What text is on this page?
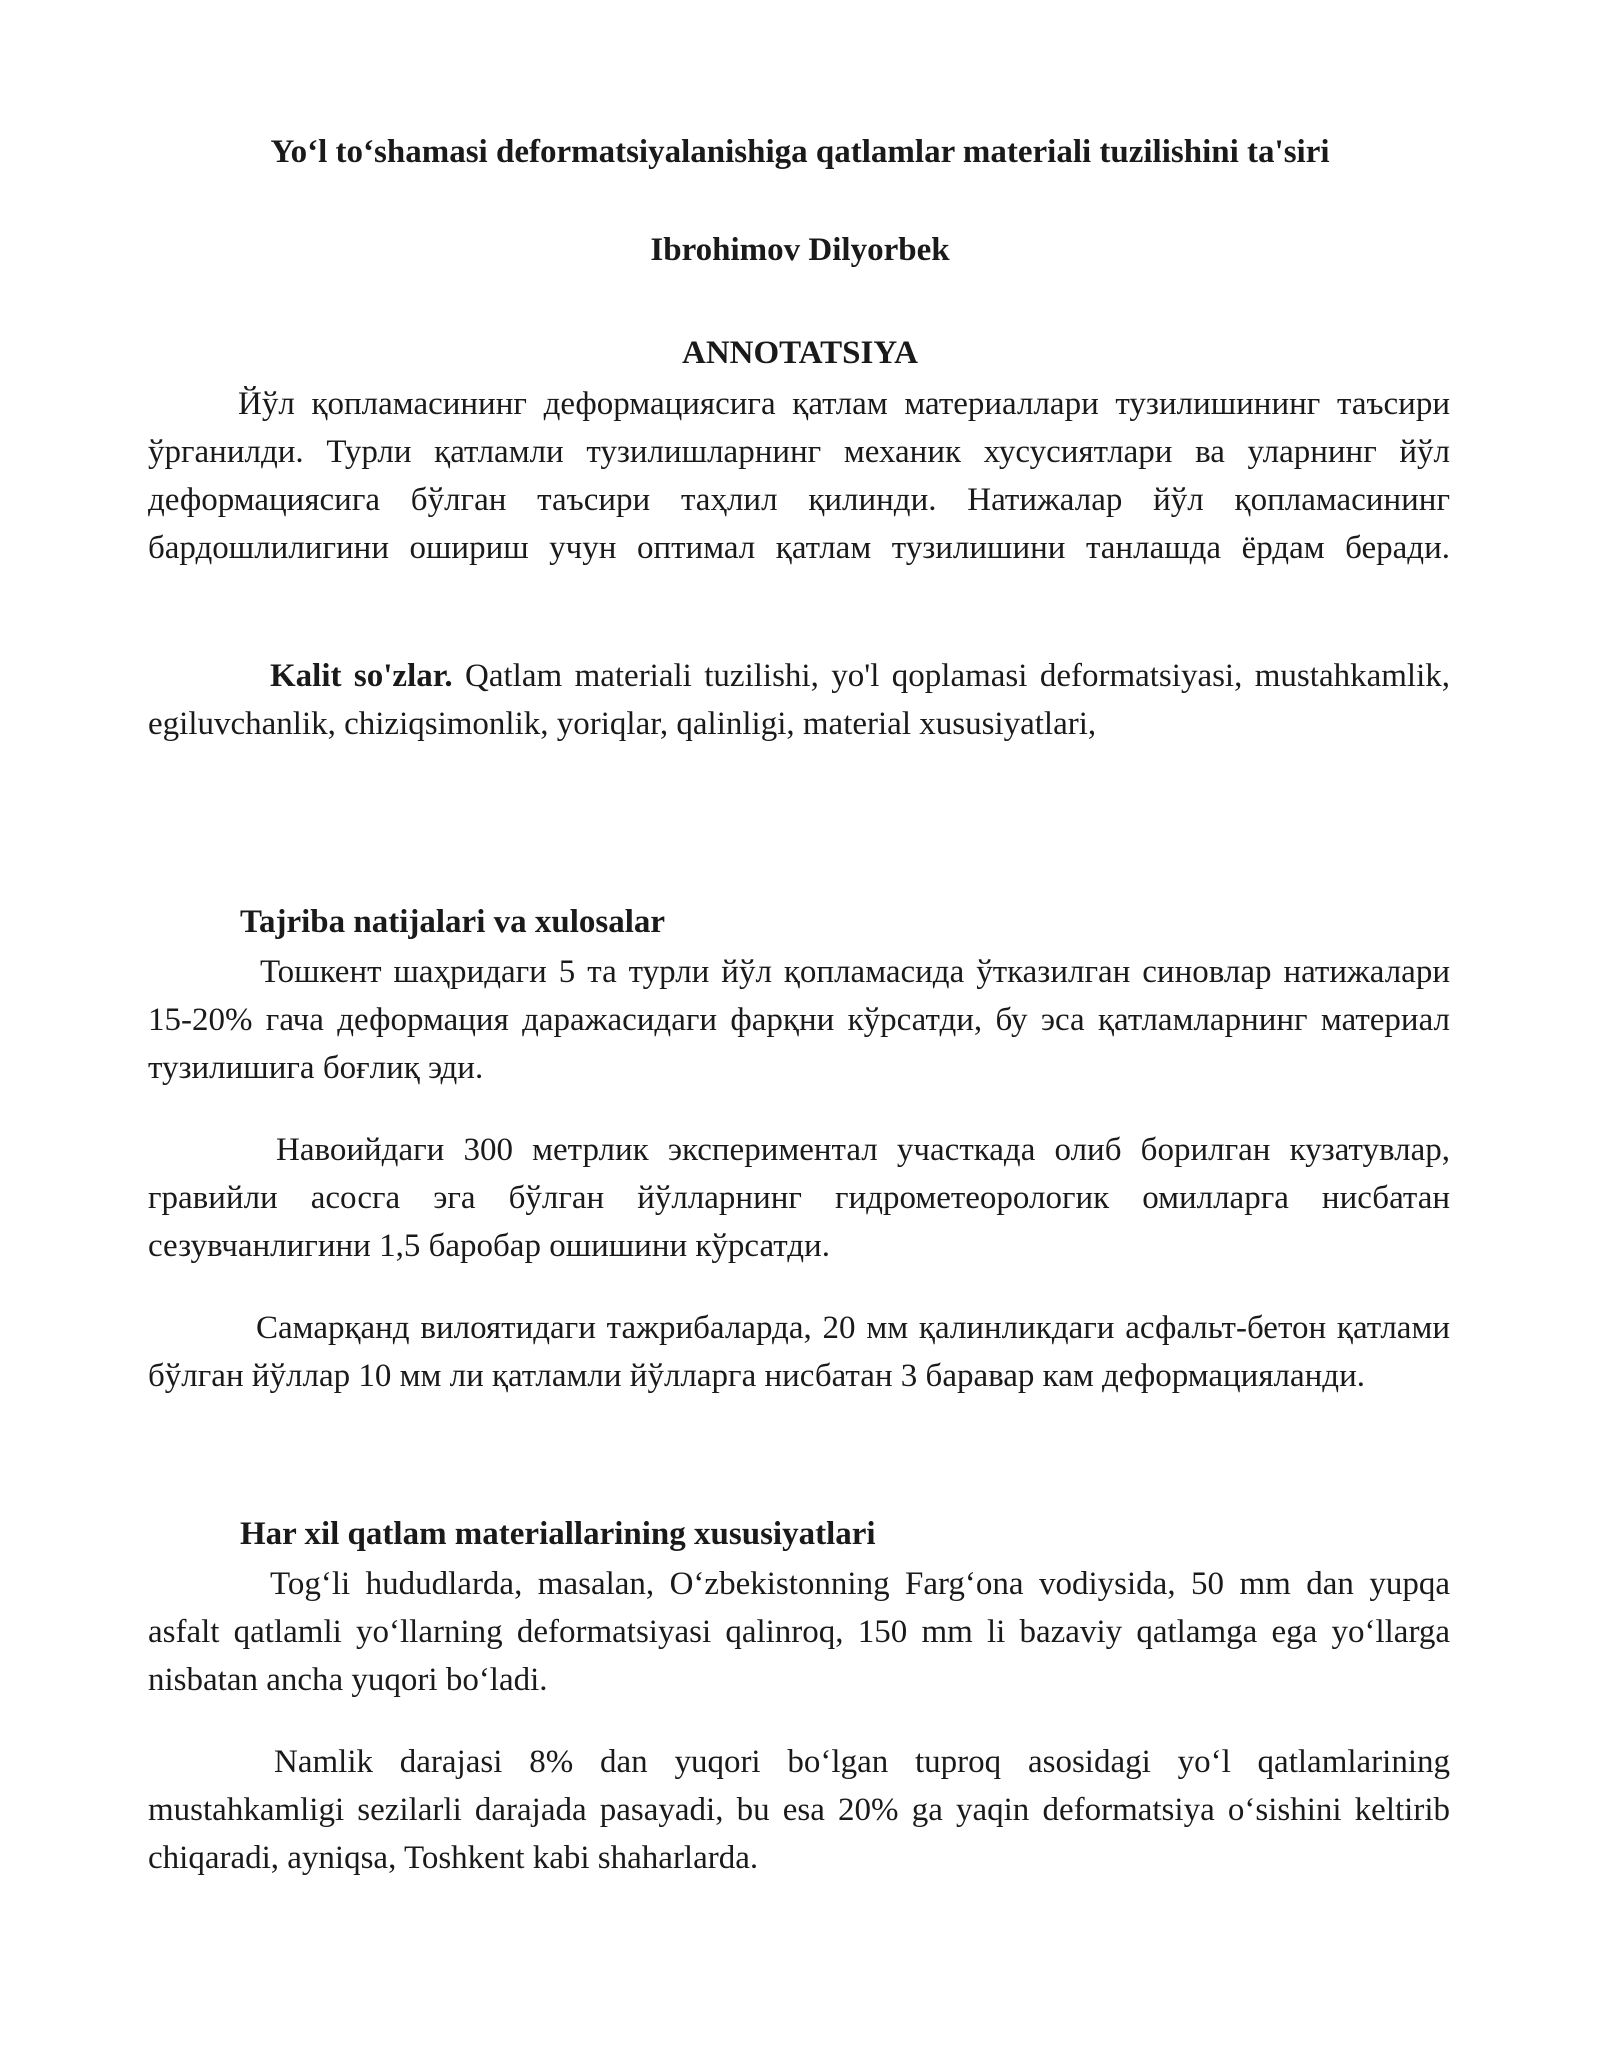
Yo‘l to‘shamasi deformatsiyalanishiga qatlamlar materiali tuzilishini ta'siri
Ibrohimov Dilyorbek
ANNOTATSIYA

Йўл қопламасининг деформациясига қатлам материаллари тузилишининг таъсири ўрганилди. Турли қатламли тузилишларнинг механик хусусиятлари ва уларнинг йўл деформациясига бўлган таъсири таҳлил қилинди. Натижалар йўл қопламасининг бардошлилигини ошириш учун оптимал қатлам тузилишини танлашда ёрдам беради.

Kalit so'zlar. Qatlam materiali tuzilishi, yo'l qoplamasi deformatsiyasi, mustahkamlik, egiluvchanlik, chiziqsimonlik, yoriqlar, qalinligi, material xususiyatlari,

Tajriba natijalari va xulosalar

Тошкент шаҳридаги 5 та турли йўл қопламасида ўтказилган синовлар натижалари 15-20% гача деформация даражасидаги фарқни кўрсатди, бу эса қатламларнинг материал тузилишига боғлиқ эди.

Навоийдаги 300 метрлик экспериментал участкада олиб борилган кузатувлар, гравийли асосга эга бўлган йўлларнинг гидрометеорологик омилларга нисбатан сезувчанлигини 1,5 баробар ошишини кўрсатди.

Самарқанд вилоятидаги тажрибаларда, 20 мм қалинликдаги асфальт-бетон қатлами бўлган йўллар 10 мм ли қатламли йўлларга нисбатан 3 баравар кам деформацияланди.

Har xil qatlam materiallarining xususiyatlari

Tog‘li hududlarda, masalan, O‘zbekistonning Farg‘ona vodiysida, 50 mm dan yupqa asfalt qatlamli yo‘llarning deformatsiyasi qalinroq, 150 mm li bazaviy qatlamga ega yo‘llarga nisbatan ancha yuqori bo‘ladi.

Namlik darajasi 8% dan yuqori bo‘lgan tuproq asosidagi yo‘l qatlamlarining mustahkamligi sezilarli darajada pasayadi, bu esa 20% ga yaqin deformatsiya o‘sishini keltirib chiqaradi, ayniqsa, Toshkent kabi shaharlarda.
